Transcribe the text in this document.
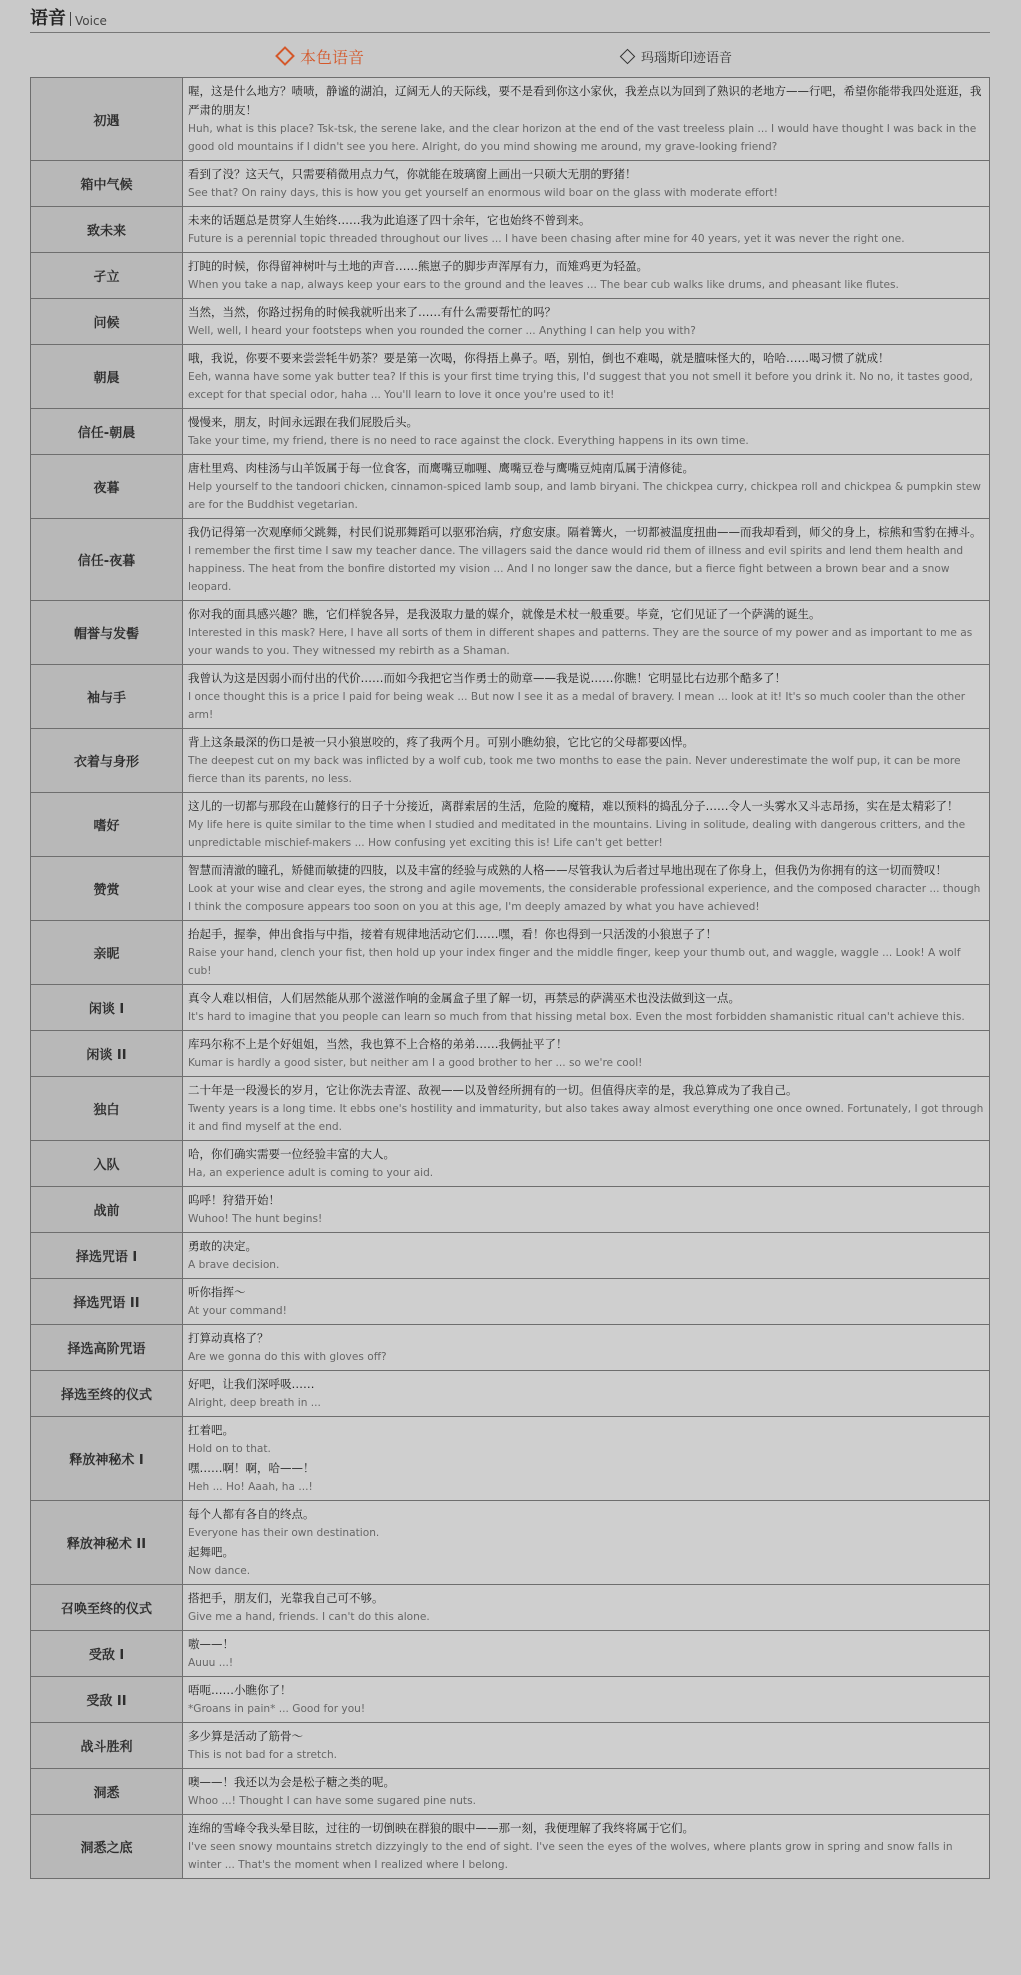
语音 Voice
本色语音	玛瑙斯印迹语音
初遇	喔，这是什么地方？啧啧，静谧的湖泊，辽阔无人的天际线，要不是看到你这小家伙，我差点以为回到了熟识的老地方——行吧，希望你能带我四处逛逛，我严肃的朋友！
Huh, what is this place? Tsk-tsk, the serene lake, and the clear horizon at the end of the vast treeless plain ... I would have thought I was back in the good old mountains if I didn't see you here. Alright, do you mind showing me around, my grave-looking friend?

箱中气候	看到了没？这天气，只需要稍微用点力气，你就能在玻璃窗上画出一只硕大无朋的野猪！
See that? On rainy days, this is how you get yourself an enormous wild boar on the glass with moderate effort!

致未来	未来的话题总是贯穿人生始终……我为此追逐了四十余年，它也始终不曾到来。
Future is a perennial topic threaded throughout our lives ... I have been chasing after mine for 40 years, yet it was never the right one.

孑立	打盹的时候，你得留神树叶与土地的声音……熊崽子的脚步声浑厚有力，而雉鸡更为轻盈。
When you take a nap, always keep your ears to the ground and the leaves ... The bear cub walks like drums, and pheasant like flutes.

问候	当然，当然，你路过拐角的时候我就听出来了……有什么需要帮忙的吗？
Well, well, I heard your footsteps when you rounded the corner ... Anything I can help you with?

朝晨	哦，我说，你要不要来尝尝牦牛奶茶？要是第一次喝，你得捂上鼻子。唔，别怕，倒也不难喝，就是膻味怪大的，哈哈……喝习惯了就成！
Eeh, wanna have some yak butter tea? If this is your first time trying this, I'd suggest that you not smell it before you drink it. No no, it tastes good, except for that special odor, haha ... You'll learn to love it once you're used to it!

信任-朝晨	慢慢来，朋友，时间永远跟在我们屁股后头。
Take your time, my friend, there is no need to race against the clock. Everything happens in its own time.

夜暮	唐杜里鸡、肉桂汤与山羊饭属于每一位食客，而鹰嘴豆咖喱、鹰嘴豆卷与鹰嘴豆炖南瓜属于清修徒。
Help yourself to the tandoori chicken, cinnamon-spiced lamb soup, and lamb biryani. The chickpea curry, chickpea roll and chickpea & pumpkin stew are for the Buddhist vegetarian.

信任-夜暮	我仍记得第一次观摩师父跳舞，村民们说那舞蹈可以驱邪治病，疗愈安康。隔着篝火，一切都被温度扭曲——而我却看到，师父的身上，棕熊和雪豹在搏斗。
I remember the first time I saw my teacher dance. The villagers said the dance would rid them of illness and evil spirits and lend them health and happiness. The heat from the bonfire distorted my vision ... And I no longer saw the dance, but a fierce fight between a brown bear and a snow leopard.

帽誉与发髻	你对我的面具感兴趣？瞧，它们样貌各异，是我汲取力量的媒介，就像是术杖一般重要。毕竟，它们见证了一个萨满的诞生。
Interested in this mask? Here, I have all sorts of them in different shapes and patterns. They are the source of my power and as important to me as your wands to you. They witnessed my rebirth as a Shaman.

袖与手	我曾认为这是因弱小而付出的代价……而如今我把它当作勇士的勋章——我是说……你瞧！它明显比右边那个酷多了！
I once thought this is a price I paid for being weak ... But now I see it as a medal of bravery. I mean ... look at it! It's so much cooler than the other arm!

衣着与身形	背上这条最深的伤口是被一只小狼崽咬的，疼了我两个月。可别小瞧幼狼，它比它的父母都要凶悍。
The deepest cut on my back was inflicted by a wolf cub, took me two months to ease the pain. Never underestimate the wolf pup, it can be more fierce than its parents, no less.

嗜好	这儿的一切都与那段在山麓修行的日子十分接近，离群索居的生活，危险的魔精，难以预料的捣乱分子……令人一头雾水又斗志昂扬，实在是太精彩了！
My life here is quite similar to the time when I studied and meditated in the mountains. Living in solitude, dealing with dangerous critters, and the unpredictable mischief-makers ... How confusing yet exciting this is! Life can't get better!

赞赏	智慧而清澈的瞳孔，矫健而敏捷的四肢，以及丰富的经验与成熟的人格——尽管我认为后者过早地出现在了你身上，但我仍为你拥有的这一切而赞叹！
Look at your wise and clear eyes, the strong and agile movements, the considerable professional experience, and the composed character ... though I think the composure appears too soon on you at this age, I'm deeply amazed by what you have achieved!

亲昵	抬起手，握拳，伸出食指与中指，接着有规律地活动它们……嘿，看！你也得到一只活泼的小狼崽子了！
Raise your hand, clench your fist, then hold up your index finger and the middle finger, keep your thumb out, and waggle, waggle ... Look! A wolf cub!

闲谈 I	真令人难以相信，人们居然能从那个滋滋作响的金属盒子里了解一切，再禁忌的萨满巫术也没法做到这一点。
It's hard to imagine that you people can learn so much from that hissing metal box. Even the most forbidden shamanistic ritual can't achieve this.

闲谈 II	库玛尔称不上是个好姐姐，当然，我也算不上合格的弟弟……我俩扯平了！
Kumar is hardly a good sister, but neither am I a good brother to her ... so we're cool!

独白	二十年是一段漫长的岁月，它让你洗去青涩、敌视——以及曾经所拥有的一切。但值得庆幸的是，我总算成为了我自己。
Twenty years is a long time. It ebbs one's hostility and immaturity, but also takes away almost everything one once owned. Fortunately, I got through it and find myself at the end.

入队	哈，你们确实需要一位经验丰富的大人。
Ha, an experience adult is coming to your aid.

战前	呜呼！狩猎开始！
Wuhoo! The hunt begins!

择选咒语 I	勇敢的决定。
A brave decision.

择选咒语 II	听你指挥～
At your command!

择选高阶咒语	打算动真格了？
Are we gonna do this with gloves off?

择选至终的仪式	好吧，让我们深呼吸……
Alright, deep breath in ...

释放神秘术 I	扛着吧。
Hold on to that.
嘿……啊！啊，哈——！
Heh ... Ho! Aaah, ha ...!

释放神秘术 II	每个人都有各自的终点。
Everyone has their own destination.
起舞吧。
Now dance.

召唤至终的仪式	搭把手，朋友们，光靠我自己可不够。
Give me a hand, friends. I can't do this alone.

受敌 I	嗷——！
Auuu ...!

受敌 II	唔呃……小瞧你了！
*Groans in pain* ... Good for you!

战斗胜利	多少算是活动了筋骨～
This is not bad for a stretch.

洞悉	噢——！我还以为会是松子糖之类的呢。
Whoo ...! Thought I can have some sugared pine nuts.

洞悉之底	连绵的雪峰令我头晕目眩，过往的一切倒映在群狼的眼中——那一刻，我便理解了我终将属于它们。
I've seen snowy mountains stretch dizzyingly to the end of sight. I've seen the eyes of the wolves, where plants grow in spring and snow falls in winter ... That's the moment when I realized where I belong.
